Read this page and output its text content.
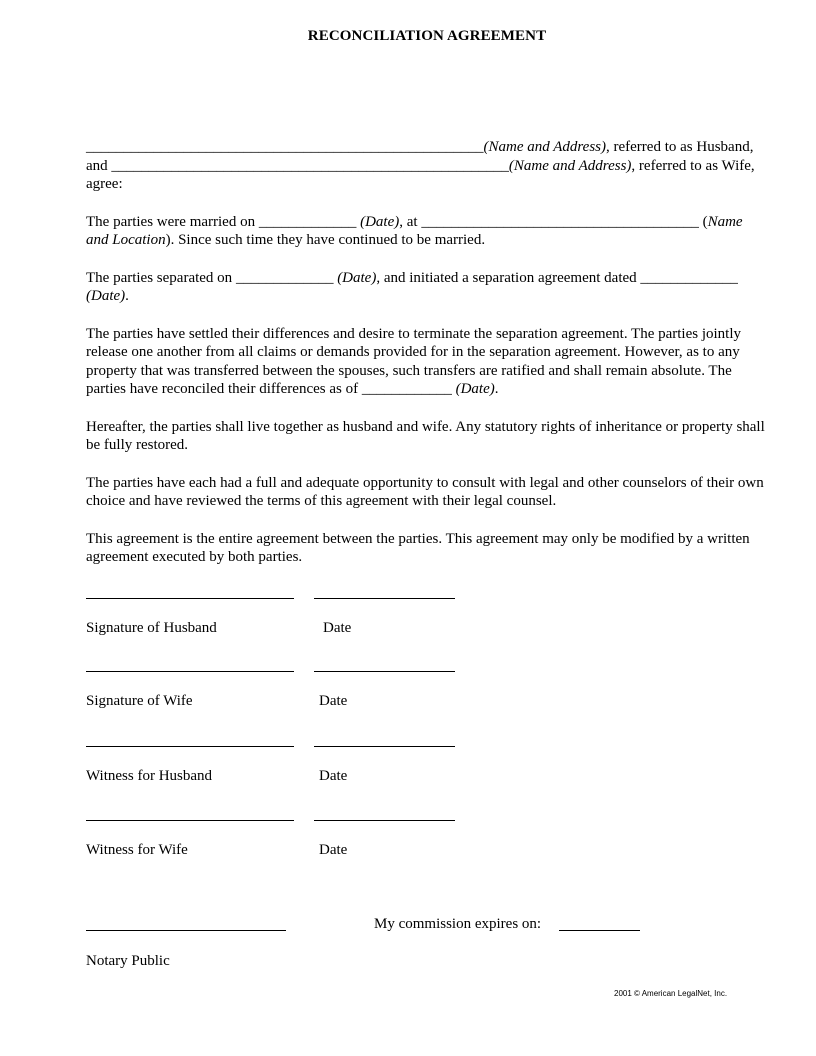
RECONCILIATION AGREEMENT

_____________________________________________________(Name and Address), referred to as Husband, and _____________________________________________________(Name and Address), referred to as Wife, agree:

The parties were married on _____________ (Date), at _____________________________________ (Name and Location). Since such time they have continued to be married.

The parties separated on _____________ (Date), and initiated a separation agreement dated _____________ (Date).

The parties have settled their differences and desire to terminate the separation agreement. The parties jointly release one another from all claims or demands provided for in the separation agreement. However, as to any property that was transferred between the spouses, such transfers are ratified and shall remain absolute. The parties have reconciled their differences as of ____________ (Date).

Hereafter, the parties shall live together as husband and wife. Any statutory rights of inheritance or property shall be fully restored.

The parties have each had a full and adequate opportunity to consult with legal and other counselors of their own choice and have reviewed the terms of this agreement with their legal counsel.

This agreement is the entire agreement between the parties. This agreement may only be modified by a written agreement executed by both parties.

Signature of Husband	Date
Signature of Wife	Date
Witness for Husband	Date
Witness for Wife	Date
My commission expires on:
Notary Public
2001 © American LegalNet, Inc.
